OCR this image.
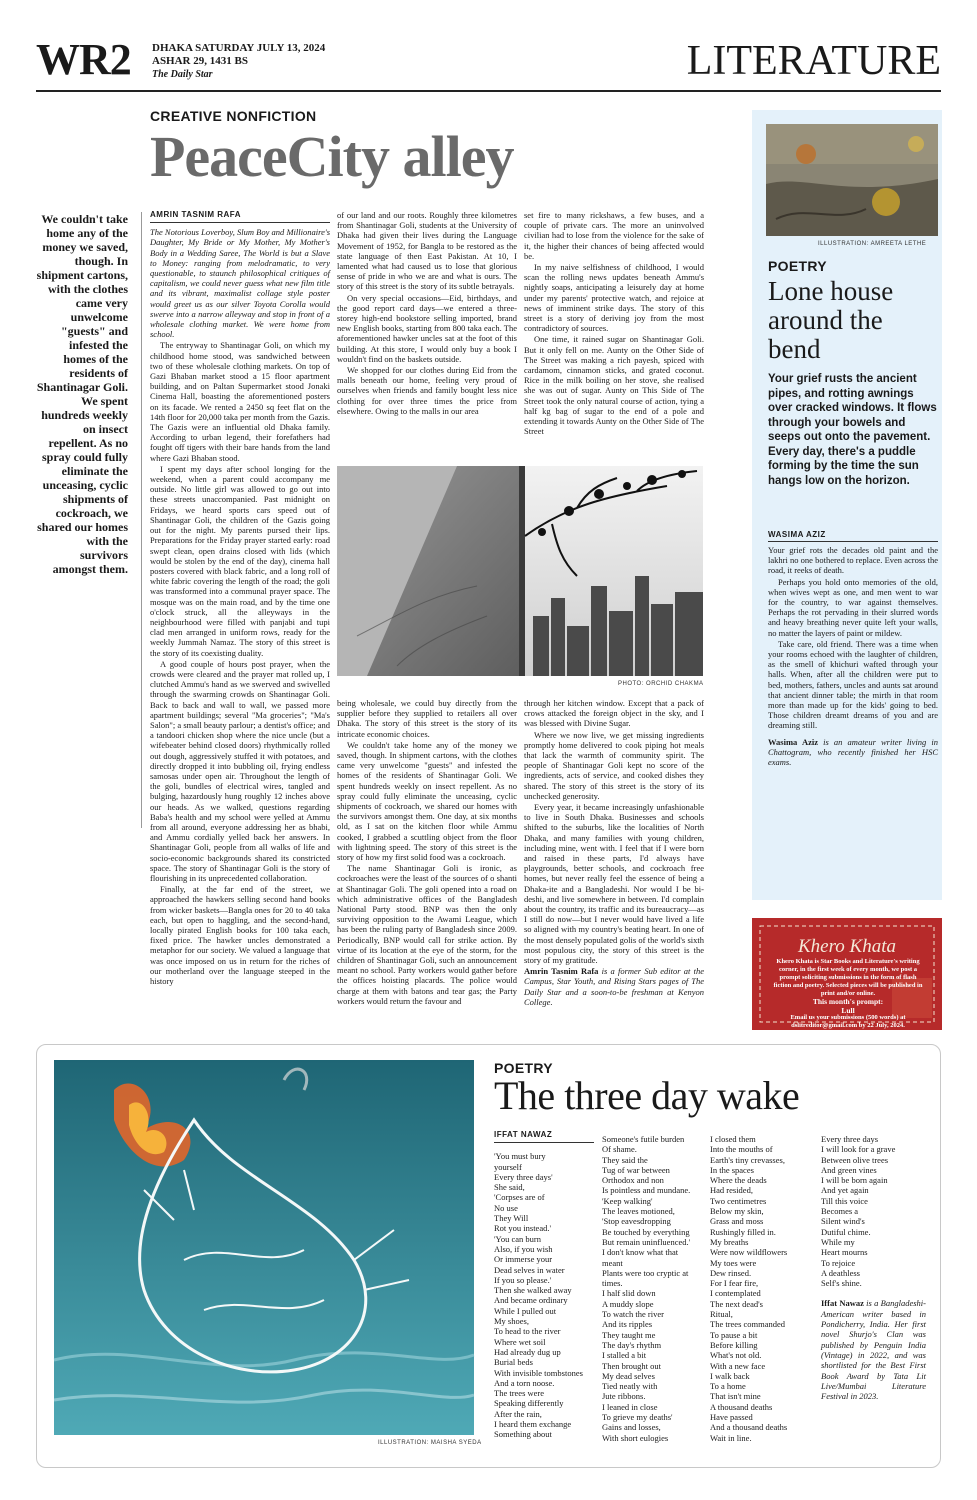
WR2 DHAKA SATURDAY JULY 13, 2024
ASHAR 29, 1431 BS
The Daily Star	LITERATURE
CREATIVE NONFICTION
PeaceCity alley
We couldn't take home any of the money we saved, though. In shipment cartons, with the clothes came very unwelcome "guests" and infested the homes of the residents of Shantinagar Goli. We spent hundreds weekly on insect repellent. As no spray could fully eliminate the unceasing, cyclic shipments of cockroach, we shared our homes with the survivors amongst them.
AMRIN TASNIM RAFA

The Notorious Loverboy, Slum Boy and Millionaire's Daughter, My Bride or My Mother, My Mother's Body in a Wedding Saree, The World is but a Slave to Money: ranging from melodramatic, to very questionable, to staunch philosophical critiques of capitalism, we could never guess what new film title and its vibrant, maximalist collage style poster would greet us as our silver Toyota Corolla would swerve into a narrow alleyway and stop in front of a wholesale clothing market. We were home from school.

The entryway to Shantinagar Goli, on which my childhood home stood, was sandwiched between two of these wholesale clothing markets. On top of Gazi Bhaban market stood a 15 floor apartment building, and on Paltan Supermarket stood Jonaki Cinema Hall, boasting the aforementioned posters on its facade. We rented a 2450 sq feet flat on the 14th floor for 20,000 taka per month from the Gazis. The Gazis were an influential old Dhaka family. According to urban legend, their forefathers had fought off tigers with their bare hands from the land where Gazi Bhaban stood.

I spent my days after school longing for the weekend, when a parent could accompany me outside. No little girl was allowed to go out into these streets unaccompanied. Past midnight on Fridays, we heard sports cars speed out of Shantinagar Goli, the children of the Gazis going out for the night. My parents pursed their lips. Preparations for the Friday prayer started early: road swept clean, open drains closed with lids (which would be stolen by the end of the day), cinema hall posters covered with black fabric, and a long roll of white fabric covering the length of the road; the goli was transformed into a communal prayer space. The mosque was on the main road, and by the time one o'clock struck, all the alleyways in the neighbourhood were filled with panjabi and tupi clad men arranged in uniform rows, ready for the weekly Jummah Namaz. The story of this street is the story of its coexisting duality.

A good couple of hours post prayer, when the crowds were cleared and the prayer mat rolled up, I clutched Ammu's hand as we swerved and swivelled through the swarming crowds on Shantinagar Goli. Back to back and wall to wall, we passed more apartment buildings; several "Ma groceries"; "Ma's Salon"; a small beauty parlour; a dentist's office; and a tandoori chicken shop where the nice uncle (but a wifebeater behind closed doors) rhythmically rolled out dough, aggressively stuffed it with potatoes, and directly dropped it into bubbling oil, frying endless samosas under open air. Throughout the length of the goli, bundles of electrical wires, tangled and bulging, hazardously hung roughly 12 inches above our heads. As we walked, questions regarding Baba's health and my school were yelled at Ammu from all around, everyone addressing her as bhabi, and Ammu cordially yelled back her answers. In Shantinagar Goli, people from all walks of life and socio-economic backgrounds shared its constricted space. The story of Shantinagar Goli is the story of flourishing in its unprecedented collaboration.

Finally, at the far end of the street, we approached the hawkers selling second hand books from wicker baskets—Bangla ones for 20 to 40 taka each, but open to haggling, and the second-hand, locally pirated English books for 100 taka each, fixed price. The hawker uncles demonstrated a metaphor for our society. We valued a language that was once imposed on us in return for the riches of our motherland over the language steeped in the history

of our land and our roots. Roughly three kilometres from Shantinagar Goli, students at the University of Dhaka had given their lives during the Language Movement of 1952, for Bangla to be restored as the state language of then East Pakistan. At 10, I lamented what had caused us to lose that glorious sense of pride in who we are and what is ours. The story of this street is the story of its subtle betrayals.

On very special occasions—Eid, birthdays, and the good report card days—we entered a three-storey high-end bookstore selling imported, brand new English books, starting from 800 taka each. The aforementioned hawker uncles sat at the foot of this building. At this store, I would only buy a book I wouldn't find on the baskets outside.

We shopped for our clothes during Eid from the malls beneath our home, feeling very proud of ourselves when friends and family bought less nice clothing for over three times the price from elsewhere. Owing to the malls in our area

set fire to many rickshaws, a few buses, and a couple of private cars. The more an uninvolved civilian had to lose from the violence for the sake of it, the higher their chances of being affected would be.

In my naive selfishness of childhood, I would scan the rolling news updates beneath Ammu's nightly soaps, anticipating a leisurely day at home under my parents' protective watch, and rejoice at news of imminent strike days. The story of this street is a story of deriving joy from the most contradictory of sources.

One time, it rained sugar on Shantinagar Goli. But it only fell on me. Aunty on the Other Side of The Street was making a rich payesh, spiced with cardamom, cinnamon sticks, and grated coconut. Rice in the milk boiling on her stove, she realised she was out of sugar. Aunty on This Side of The Street took the only natural course of action, tying a half kg bag of sugar to the end of a pole and extending it towards Aunty on the Other Side of The Street

PHOTO: ORCHID CHAKMA

being wholesale, we could buy directly from the supplier before they supplied to retailers all over Dhaka. The story of this street is the story of its intricate economic choices.

We couldn't take home any of the money we saved, though. In shipment cartons, with the clothes came very unwelcome "guests" and infested the homes of the residents of Shantinagar Goli. We spent hundreds weekly on insect repellent. As no spray could fully eliminate the unceasing, cyclic shipments of cockroach, we shared our homes with the survivors amongst them. One day, at six months old, as I sat on the kitchen floor while Ammu cooked, I grabbed a scuttling object from the floor with lightning speed. The story of this street is the story of how my first solid food was a cockroach.

The name Shantinagar Goli is ironic, as cockroaches were the least of the sources of o shanti at Shantinagar Goli. The goli opened into a road on which administrative offices of the Bangladesh National Party stood. BNP was then the only surviving opposition to the Awami League, which has been the ruling party of Bangladesh since 2009. Periodically, BNP would call for strike action. By virtue of its location at the eye of the storm, for the children of Shantinagar Goli, such an announcement meant no school. Party workers would gather before the offices hoisting placards. The police would charge at them with batons and tear gas; the Party workers would return the favour and

through her kitchen window. Except that a pack of crows attacked the foreign object in the sky, and I was blessed with Divine Sugar.

Where we now live, we get missing ingredients promptly home delivered to cook piping hot meals that lack the warmth of community spirit. The people of Shantinagar Goli kept no score of the ingredients, acts of service, and cooked dishes they shared. The story of this street is the story of its unchecked generosity.

Every year, it became increasingly unfashionable to live in South Dhaka. Businesses and schools shifted to the suburbs, like the localities of North Dhaka, and many families with young children, including mine, went with. I feel that if I were born and raised in these parts, I'd always have playgrounds, better schools, and cockroach free homes, but never really feel the essence of being a Dhaka-ite and a Bangladeshi. Nor would I be bi-deshi, and live somewhere in between. I'd complain about the country, its traffic and its bureaucracy—as I still do now—but I never would have lived a life so aligned with my country's beating heart. In one of the most densely populated golis of the world's sixth most populous city, the story of this street is the story of my gratitude.

Amrin Tasnim Rafa is a former Sub editor at the Campus, Star Youth, and Rising Stars pages of The Daily Star and a soon-to-be freshman at Kenyon College.

ILLUSTRATION: AMREETA LETHE
POETRY
Lone house around the bend
Your grief rusts the ancient pipes, and rotting awnings over cracked windows. It flows through your bowels and seeps out onto the pavement. Every day, there's a puddle forming by the time the sun hangs low on the horizon.
WASIMA AZIZ

Your grief rots the decades old paint and the lakhri no one bothered to replace. Even across the road, it reeks of death.

Perhaps you hold onto memories of the old, when wives wept as one, and men went to war for the country, to war against themselves. Perhaps the rot pervading in their slurred words and heavy breathing never quite left your walls, no matter the layers of paint or mildew.

Take care, old friend. There was a time when your rooms echoed with the laughter of children, as the smell of khichuri wafted through your halls. When, after all the children were put to bed, mothers, fathers, uncles and aunts sat around that ancient dinner table; the mirth in that room more than made up for the kids' going to bed. Those children dreamt dreams of you and are dreaming still.

Wasima Aziz is an amateur writer living in Chattogram, who recently finished her HSC exams.

Khero Khata
Khero Khata is Star Books and Literature's writing corner, in the first week of every month, we post a prompt soliciting submissions in the form of flash fiction and poetry. Selected pieces will be published in print and/or online.
This month's prompt:
Lull
Email us your submissions (500 words) at dslitreditor@gmail.com by 22 July, 2024.
ILLUSTRATION: MAISHA SYEDA
POETRY
The three day wake
IFFAT NAWAZ
'You must bury
yourself
Every three days'
She said,
'Corpses are of
No use
They Will
Rot you instead.'
'You can burn
Also, if you wish
Or immerse your
Dead selves in water
If you so please.'
Then she walked away
And became ordinary
While I pulled out
My shoes,
To head to the river
Where wet soil
Had already dug up
Burial beds
With invisible tombstones
And a torn noose.
The trees were
Speaking differently
After the rain,
I heard them exchange
Something about
Someone's futile burden
Of shame.
They said the
Tug of war between
Orthodox and non
Is pointless and mundane.
'Keep walking'
The leaves motioned,
'Stop eavesdropping
Be touched by everything
But remain uninfluenced.'
I don't know what that
meant
Plants were too cryptic at
times.
I half slid down
A muddy slope
To watch the river
And its ripples
They taught me
The day's rhythm
I stalled a bit
Then brought out
My dead selves
Tied neatly with
Jute ribbons.
I leaned in close
To grieve my deaths'
Gains and losses,
With short eulogies
I closed them
Into the mouths of
Earth's tiny crevasses,
In the spaces
Where the deads
Had resided,
Two centimetres
Below my skin,
Grass and moss
Rushingly filled in.
My breaths
Were now wildflowers
My toes were
Dew rinsed.
For I fear fire,
I contemplated
The next dead's
Ritual,
The trees commanded
To pause a bit
Before killing
What's not old.
With a new face
I walk back
To a home
That isn't mine
A thousand deaths
Have passed
And a thousand deaths
Wait in line.
Every three days
I will look for a grave
Between olive trees
And green vines
I will be born again
And yet again
Till this voice
Becomes a
Silent wind's
Dutiful chime.
While my
Heart mourns
To rejoice
A deathless
Self's shine.
Iffat Nawaz is a Bangladeshi-American writer based in Pondicherry, India. Her first novel Shurjo's Clan was published by Penguin India (Vintage) in 2022, and was shortlisted for the Best First Book Award by Tata Lit Live/Mumbai Literature Festival in 2023.
